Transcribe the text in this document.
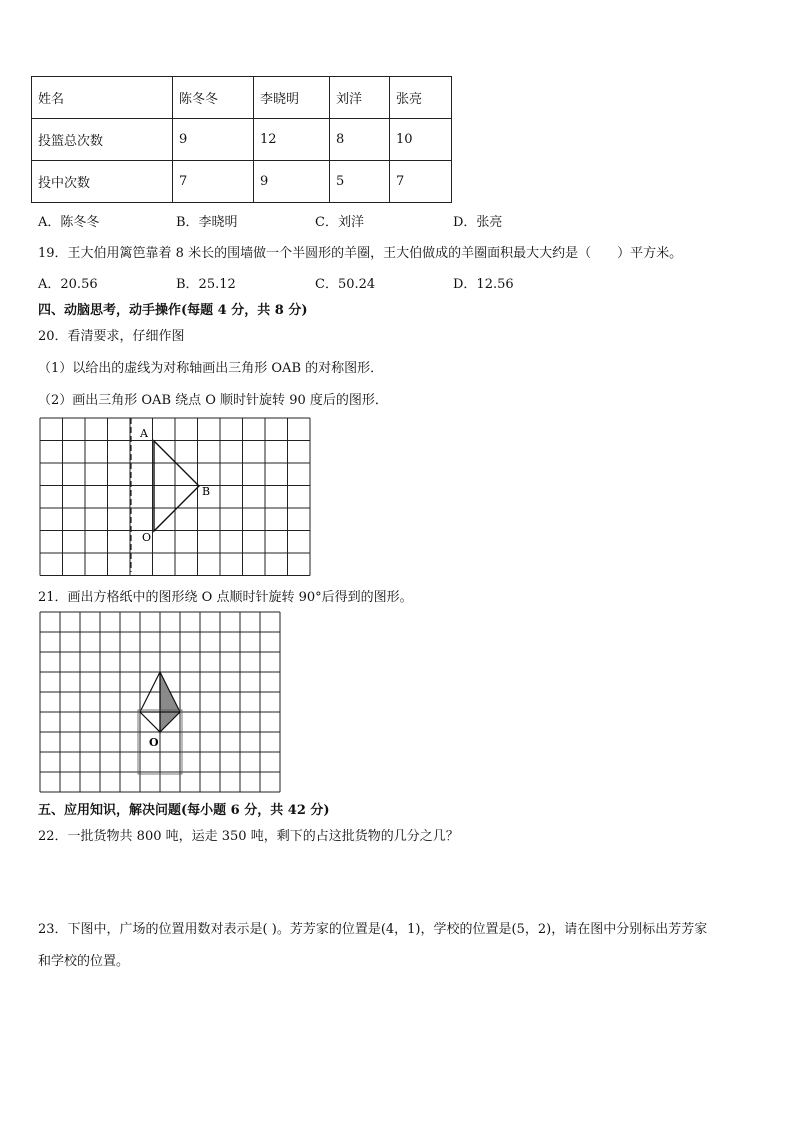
姓名	陈冬冬	李晓明	刘洋	张亮
投篮总次数	9	12	8	10
投中次数	7	9	5	7
A．陈冬冬	B．李晓明	C．刘洋	D．张亮
19．王大伯用篱笆靠着 8 米长的围墙做一个半圆形的羊圈，王大伯做成的羊圈面积最大大约是（　　）平方米。
A．20.56	B．25.12	C．50.24	D．12.56
四、动脑思考，动手操作(每题 4 分，共 8 分)
20．看清要求，仔细作图
（1）以给出的虚线为对称轴画出三角形 OAB 的对称图形．
（2）画出三角形 OAB 绕点 O 顺时针旋转 90 度后的图形．
A
B
O
O
21．画出方格纸中的图形绕 O 点顺时针旋转 90°后得到的图形。
五、应用知识，解决问题(每小题 6 分，共 42 分)
22．一批货物共 800 吨，运走 350 吨，剩下的占这批货物的几分之几？
23．下图中，广场的位置用数对表示是( )。芳芳家的位置是(4，1)，学校的位置是(5，2)，请在图中分别标出芳芳家
和学校的位置。
